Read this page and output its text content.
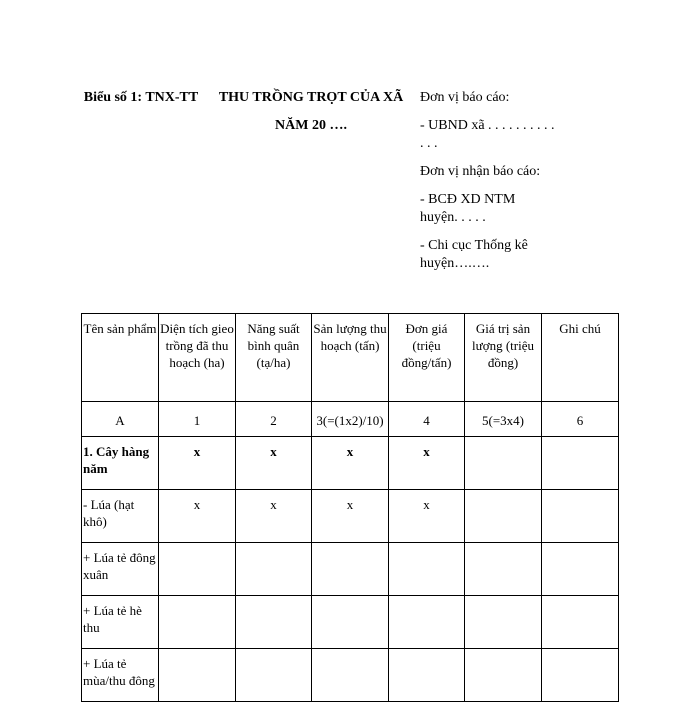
Biểu số 1: TNX-TT THU TRỒNG TRỌT CỦA XÃ
NĂM 20 ….

Đơn vị báo cáo:

- UBND xã . . . . . . . . . . . . .

Đơn vị nhận báo cáo:

- BCĐ XD NTM huyện. . . . .

- Chi cục Thống kê huyện….….

Tên sản phẩm	Diện tích gieo trồng đã thu hoạch (ha)	Năng suất bình quân (tạ/ha)	Sản lượng thu hoạch (tấn)	Đơn giá (triệu đồng/tấn)	Giá trị sản lượng (triệu đồng)	Ghi chú
A	1	2	3(=(1x2)/10)	4	5(=3x4)	6
1. Cây hàng năm	x	x	x	x		
- Lúa (hạt khô)	x	x	x	x		
+ Lúa tẻ đông xuân						
+ Lúa tẻ hè thu						
+ Lúa tẻ mùa/thu đông						
